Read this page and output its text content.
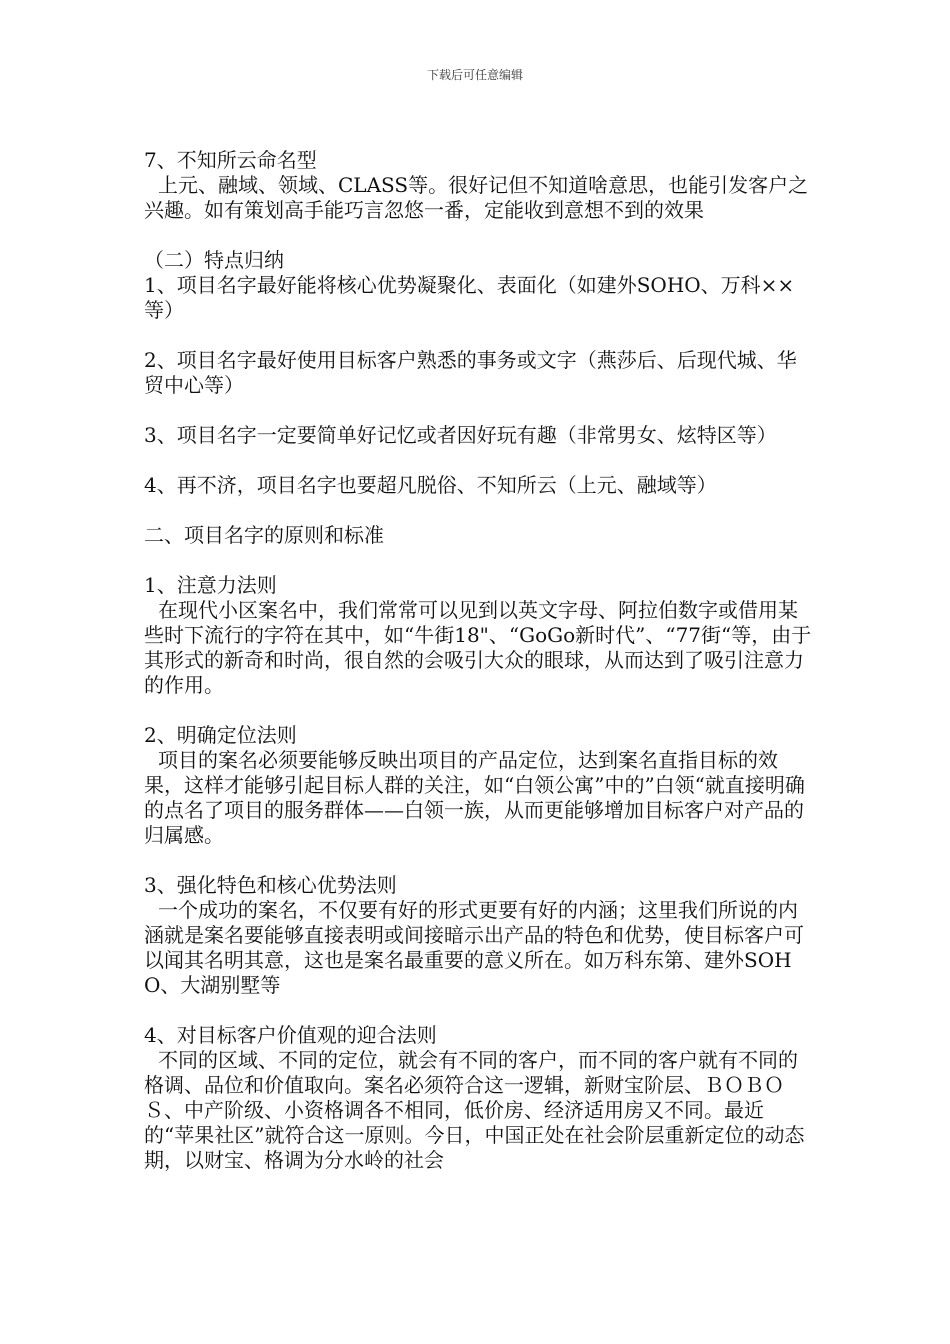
下载后可任意编辑

7、不知所云命名型

上元、融域、领域、CLASS等。很好记但不知道啥意思，也能引发客户之兴趣。如有策划高手能巧言忽悠一番，定能收到意想不到的效果

（二）特点归纳

1、项目名字最好能将核心优势凝聚化、表面化（如建外SOHO、万科××等）

2、项目名字最好使用目标客户熟悉的事务或文字（燕莎后、后现代城、华贸中心等）

3、项目名字一定要简单好记忆或者因好玩有趣（非常男女、炫特区等）

4、再不济，项目名字也要超凡脱俗、不知所云（上元、融域等）

二、项目名字的原则和标准

1、注意力法则

在现代小区案名中，我们常常可以见到以英文字母、阿拉伯数字或借用某些时下流行的字符在其中，如“牛街18"、“GoGo新时代”、“77街“等，由于其形式的新奇和时尚，很自然的会吸引大众的眼球，从而达到了吸引注意力的作用。

2、明确定位法则

项目的案名必须要能够反映出项目的产品定位，达到案名直指目标的效果，这样才能够引起目标人群的关注，如“白领公寓”中的”白领“就直接明确的点名了项目的服务群体——白领一族，从而更能够增加目标客户对产品的归属感。

3、强化特色和核心优势法则

一个成功的案名，不仅要有好的形式更要有好的内涵；这里我们所说的内涵就是案名要能够直接表明或间接暗示出产品的特色和优势，使目标客户可以闻其名明其意，这也是案名最重要的意义所在。如万科东第、建外SOHO、大湖别墅等

4、对目标客户价值观的迎合法则

不同的区域、不同的定位，就会有不同的客户，而不同的客户就有不同的格调、品位和价值取向。案名必须符合这一逻辑，新财宝阶层、ＢＯＢＯＳ、中产阶级、小资格调各不相同，低价房、经济适用房又不同。最近的“苹果社区”就符合这一原则。今日，中国正处在社会阶层重新定位的动态期，以财宝、格调为分水岭的社会
